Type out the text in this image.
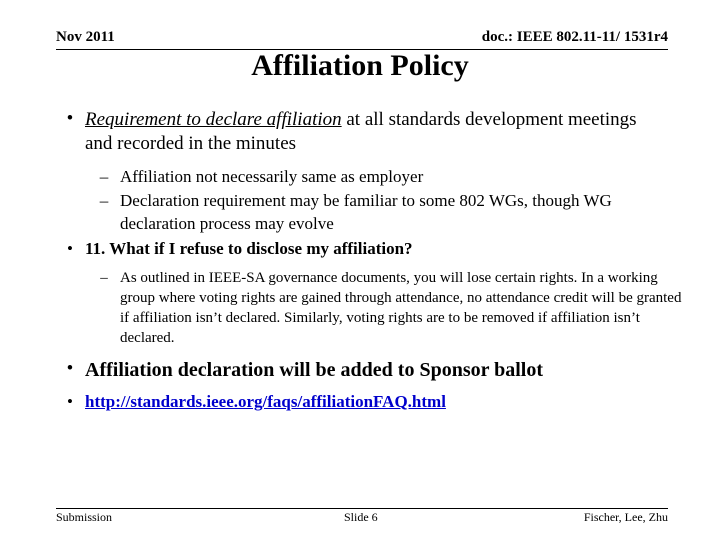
Nov 2011	doc.: IEEE 802.11-11/ 1531r4
Affiliation Policy
• Requirement to declare affiliation at all standards development meetings and recorded in the minutes
– Affiliation not necessarily same as employer
– Declaration requirement may be familiar to some 802 WGs, though WG declaration process may evolve
• 11. What if I refuse to disclose my affiliation?
– As outlined in IEEE-SA governance documents, you will lose certain rights. In a working group where voting rights are gained through attendance, no attendance credit will be granted if affiliation isn’t declared. Similarly, voting rights are to be removed if affiliation isn’t declared.
• Affiliation declaration will be added to Sponsor ballot
• http://standards.ieee.org/faqs/affiliationFAQ.html
Submission	Slide 6	Fischer, Lee, Zhu
